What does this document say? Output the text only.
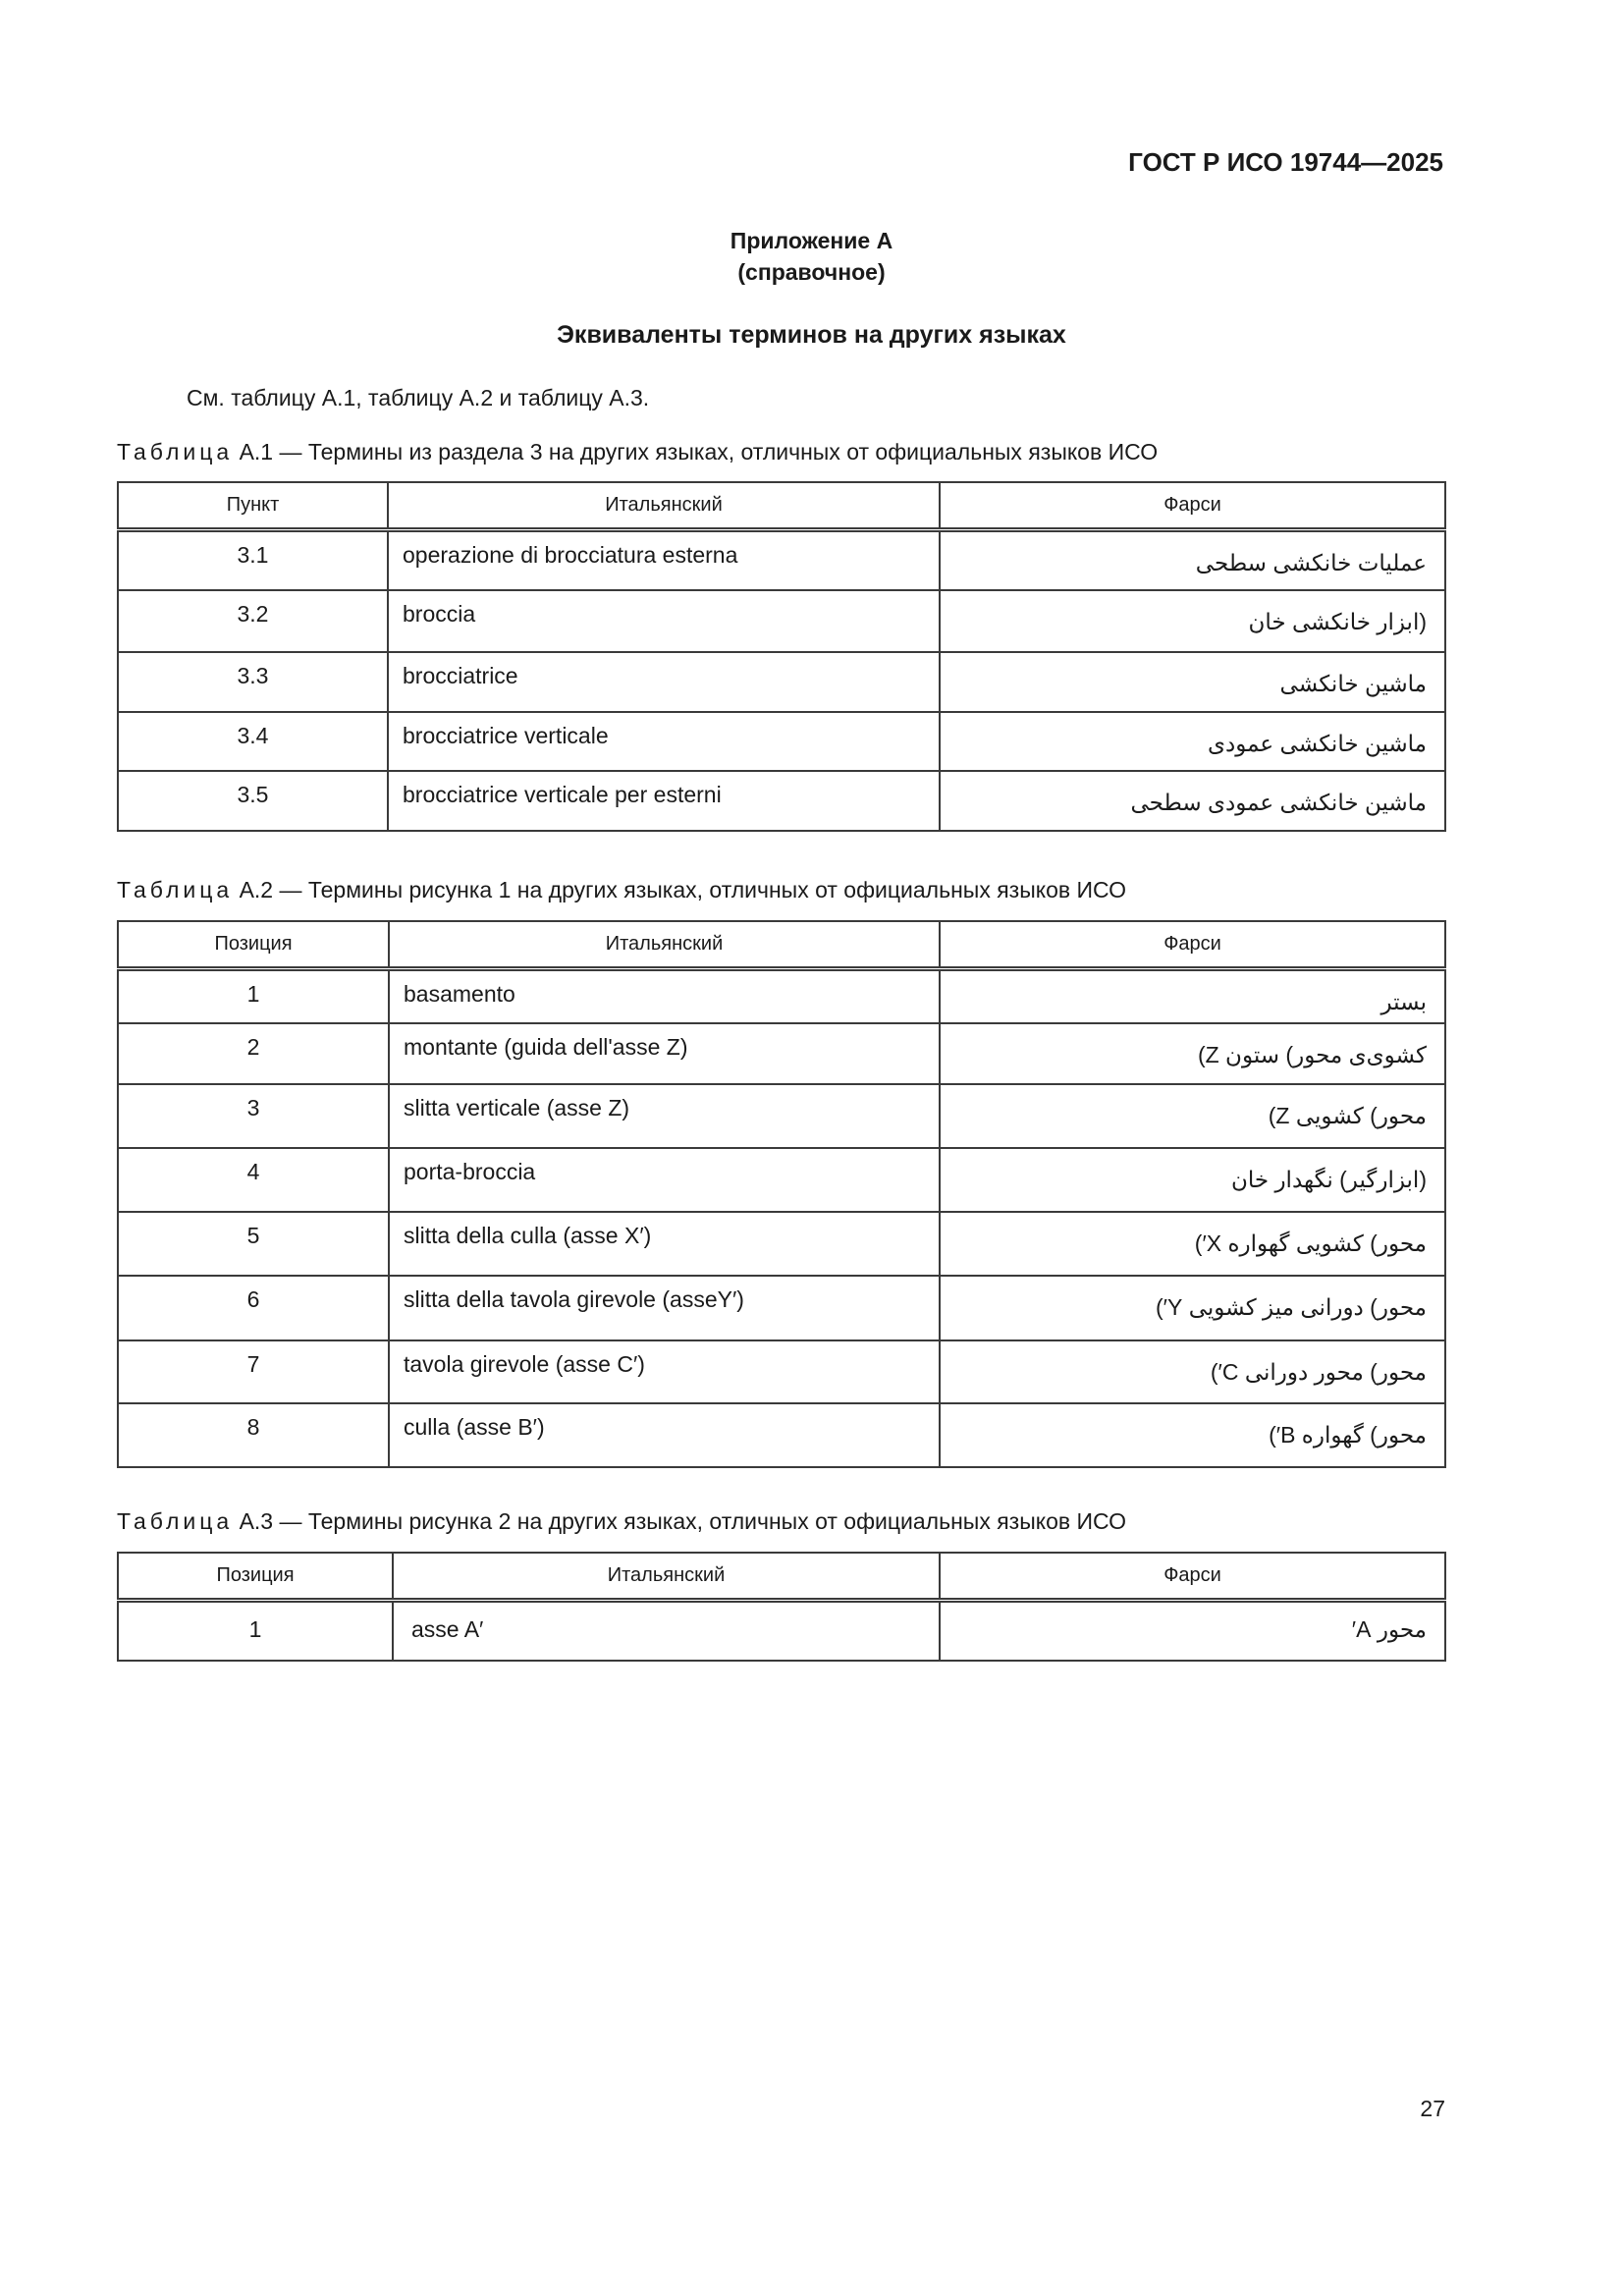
ГОСТ Р ИСО 19744—2025
Приложение А
(справочное)
Эквиваленты терминов на других языках
См. таблицу А.1, таблицу А.2 и таблицу А.3.
Таблица А.1 — Термины из раздела 3 на других языках, отличных от официальных языков ИСО
Пункт	Итальянский	Фарси
3.1	operazione di brocciatura esterna	عملیات خانکشی سطحی
3.2	broccia	(ابزار خانکشی خان
3.3	brocciatrice	ماشین خانکشی
3.4	brocciatrice verticale	ماشین خانکشی عمودی
3.5	brocciatrice verticale per esterni	ماشین خانکشی عمودی سطحی
Таблица А.2 — Термины рисунка 1 на других языках, отличных от официальных языков ИСО
Позиция	Итальянский	Фарси
1	basamento	بستر
2	montante (guida dell'asse Z)	کشوی‌ی محور) ستون Z)
3	slitta verticale (asse Z)	محور) کشویی Z)
4	porta-broccia	(ابزارگیر) نگهدار خان
5	slitta della culla (asse X′)	محور) کشویی گهواره X′)
6	slitta della tavola girevole (asseY′)	محور) دورانی میز کشویی Y′)
7	tavola girevole (asse C′)	محور) محور دورانی C′)
8	culla (asse B′)	محور) گهواره B′)
Таблица А.3 — Термины рисунка 2 на других языках, отличных от официальных языков ИСО
Позиция	Итальянский	Фарси
1	asse A′	محور A′
27
